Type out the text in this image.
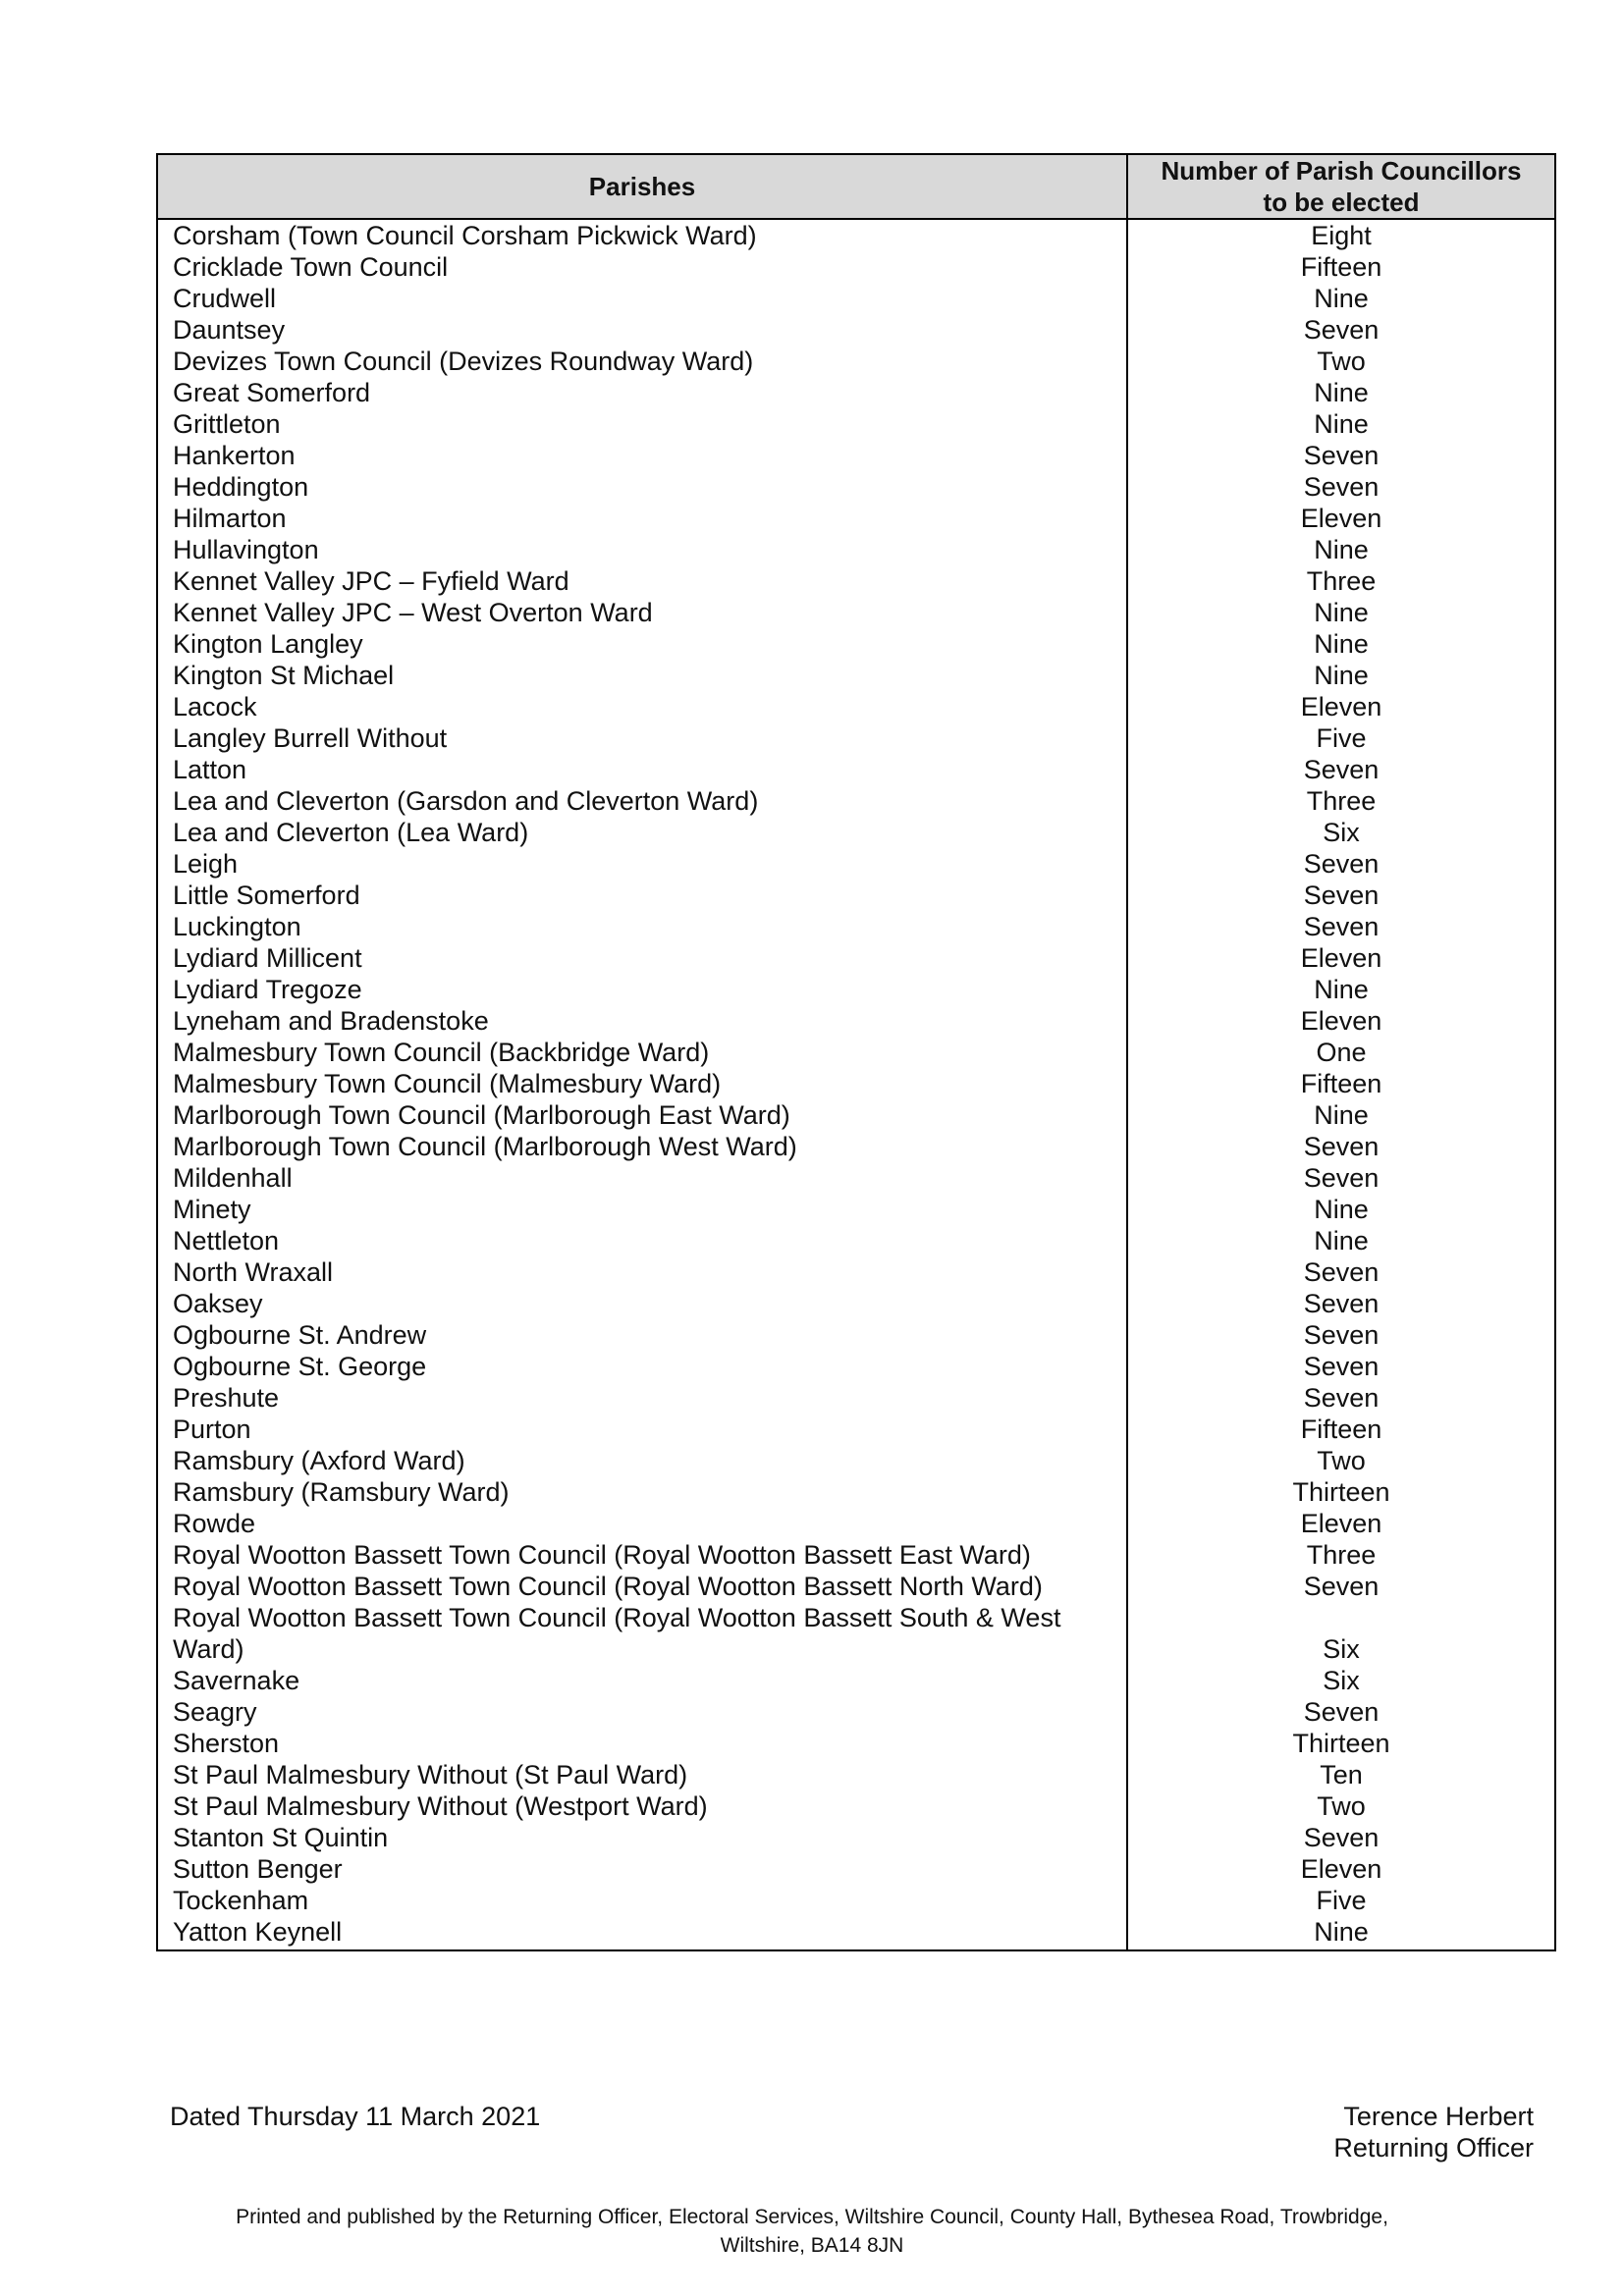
Parishes	Number of Parish Councillors
to be elected
Corsham (Town Council Corsham Pickwick Ward)	Eight
Cricklade Town Council	Fifteen
Crudwell	Nine
Dauntsey	Seven
Devizes Town Council (Devizes Roundway Ward)	Two
Great Somerford	Nine
Grittleton	Nine
Hankerton	Seven
Heddington	Seven
Hilmarton	Eleven
Hullavington	Nine
Kennet Valley JPC – Fyfield Ward	Three
Kennet Valley JPC – West Overton Ward	Nine
Kington Langley	Nine
Kington St Michael	Nine
Lacock	Eleven
Langley Burrell Without	Five
Latton	Seven
Lea and Cleverton (Garsdon and Cleverton Ward)	Three
Lea and Cleverton (Lea Ward)	Six
Leigh	Seven
Little Somerford	Seven
Luckington	Seven
Lydiard Millicent	Eleven
Lydiard Tregoze	Nine
Lyneham and Bradenstoke	Eleven
Malmesbury Town Council (Backbridge Ward)	One
Malmesbury Town Council (Malmesbury Ward)	Fifteen
Marlborough Town Council (Marlborough East Ward)	Nine
Marlborough Town Council (Marlborough West Ward)	Seven
Mildenhall	Seven
Minety	Nine
Nettleton	Nine
North Wraxall	Seven
Oaksey	Seven
Ogbourne St. Andrew	Seven
Ogbourne St. George	Seven
Preshute	Seven
Purton	Fifteen
Ramsbury (Axford Ward)	Two
Ramsbury (Ramsbury Ward)	Thirteen
Rowde	Eleven
Royal Wootton Bassett Town Council (Royal Wootton Bassett East Ward)	Three
Royal Wootton Bassett Town Council (Royal Wootton Bassett North Ward)	Seven
Royal Wootton Bassett Town Council (Royal Wootton Bassett South & West Ward)	Six
Savernake	Six
Seagry	Seven
Sherston	Thirteen
St Paul Malmesbury Without (St Paul Ward)	Ten
St Paul Malmesbury Without (Westport Ward)	Two
Stanton St Quintin	Seven
Sutton Benger	Eleven
Tockenham	Five
Yatton Keynell	Nine
Dated Thursday 11 March 2021	Terence Herbert
Returning Officer
Printed and published by the Returning Officer, Electoral Services, Wiltshire Council, County Hall, Bythesea Road, Trowbridge,
Wiltshire, BA14 8JN
